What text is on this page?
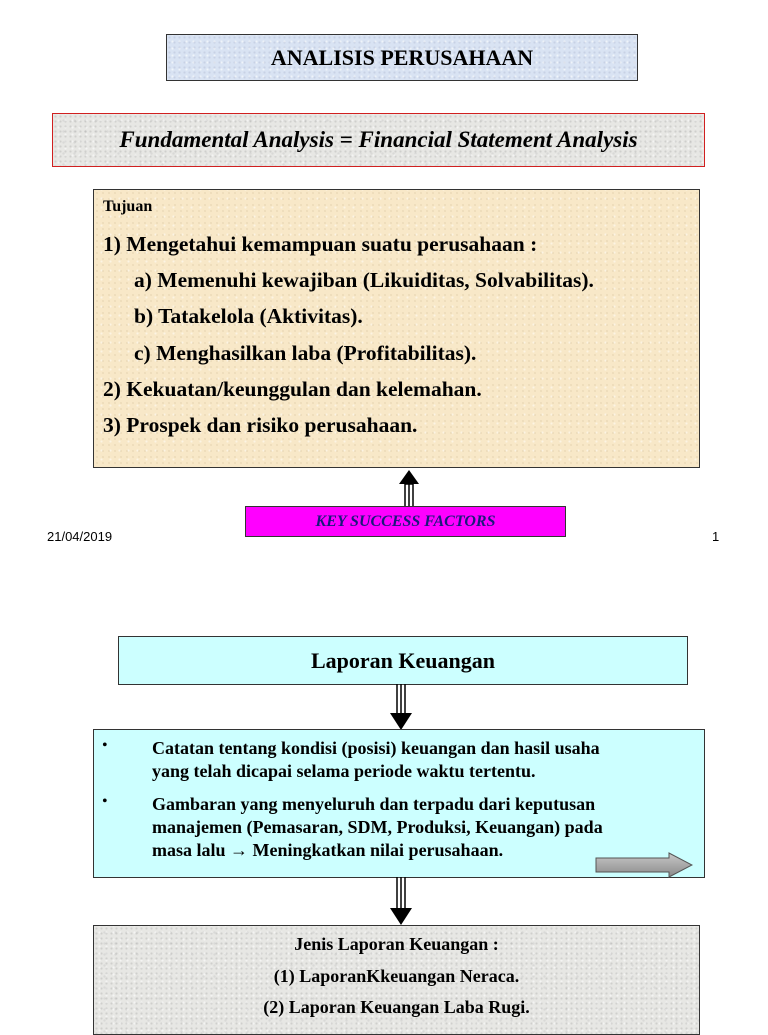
ANALISIS PERUSAHAAN
Fundamental Analysis = Financial Statement Analysis
Tujuan
1) Mengetahui kemampuan suatu perusahaan :
a) Memenuhi kewajiban (Likuiditas, Solvabilitas).
b) Tatakelola (Aktivitas).
c) Menghasilkan laba (Profitabilitas).
2) Kekuatan/keunggulan dan kelemahan.
3) Prospek dan risiko perusahaan.
KEY SUCCESS FACTORS
21/04/2019	1
Laporan Keuangan
• Catatan tentang kondisi (posisi) keuangan dan hasil usaha
yang telah dicapai selama periode waktu tertentu.
• Gambaran yang menyeluruh dan terpadu dari keputusan
manajemen (Pemasaran, SDM, Produksi, Keuangan) pada
masa lalu → Meningkatkan nilai perusahaan.
Jenis Laporan Keuangan :
(1) LaporanKkeuangan Neraca.
(2) Laporan Keuangan Laba Rugi.
